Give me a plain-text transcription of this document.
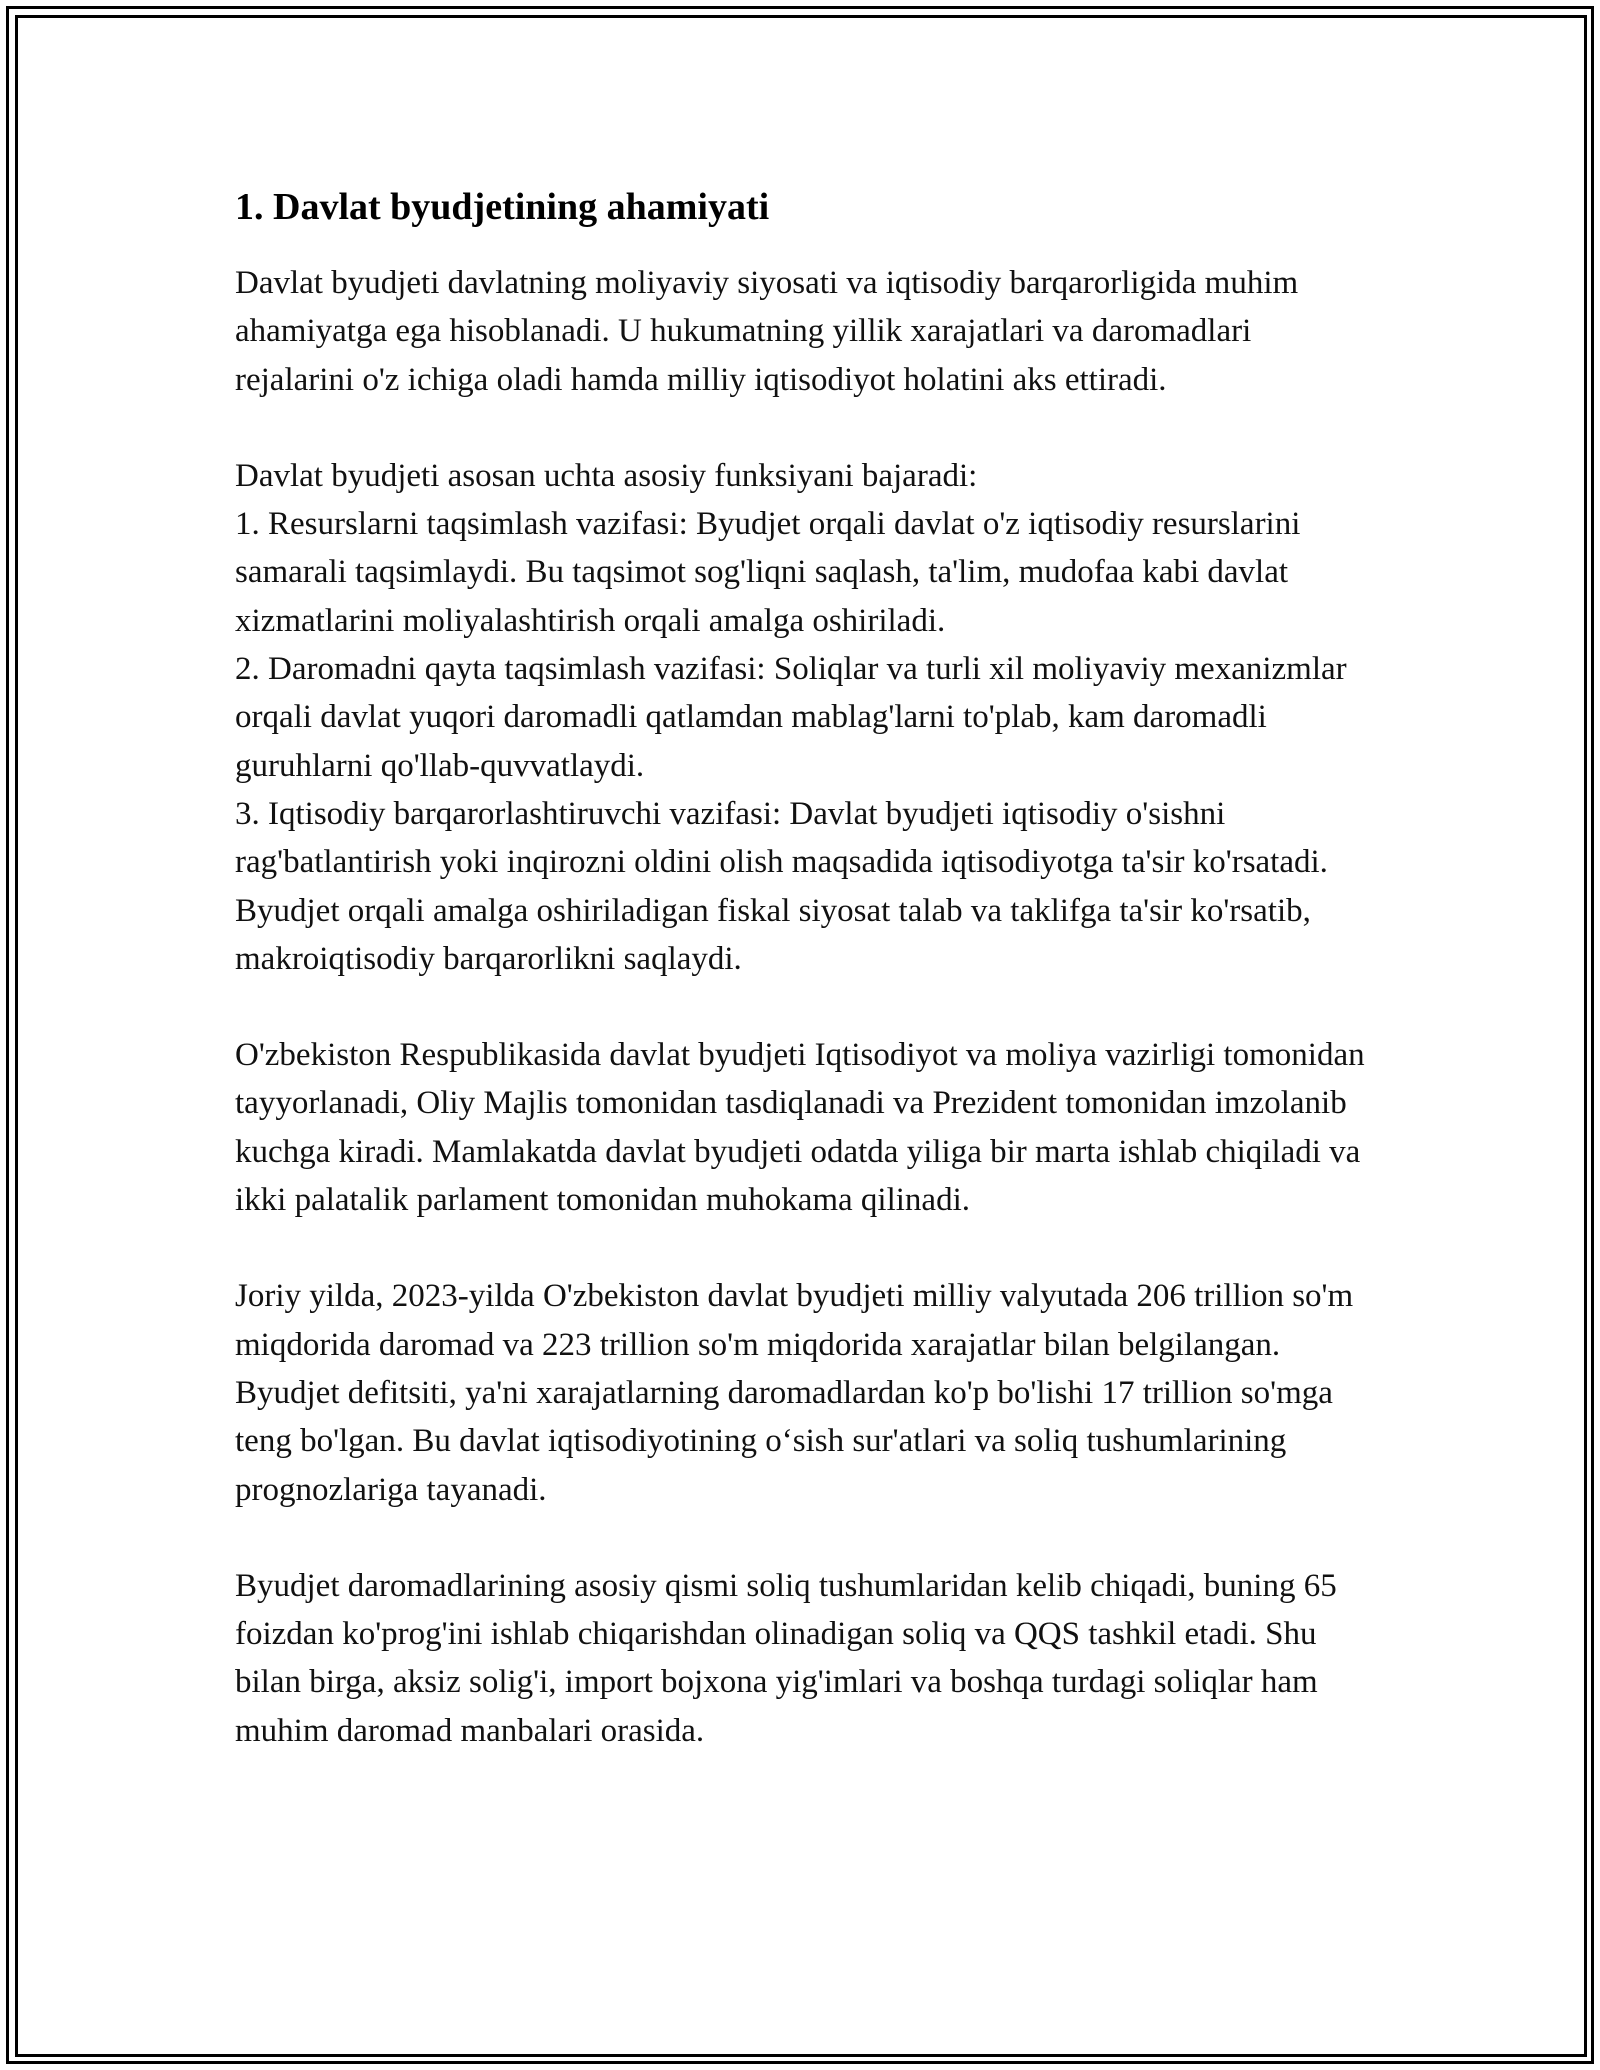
1. Davlat byudjetining ahamiyati

Davlat byudjeti davlatning moliyaviy siyosati va iqtisodiy barqarorligida muhim ahamiyatga ega hisoblanadi. U hukumatning yillik xarajatlari va daromadlari rejalarini o'z ichiga oladi hamda milliy iqtisodiyot holatini aks ettiradi.

Davlat byudjeti asosan uchta asosiy funksiyani bajaradi:
1. Resurslarni taqsimlash vazifasi: Byudjet orqali davlat o'z iqtisodiy resurslarini samarali taqsimlaydi. Bu taqsimot sog'liqni saqlash, ta'lim, mudofaa kabi davlat xizmatlarini moliyalashtirish orqali amalga oshiriladi.
2. Daromadni qayta taqsimlash vazifasi: Soliqlar va turli xil moliyaviy mexanizmlar orqali davlat yuqori daromadli qatlamdan mablag'larni to'plab, kam daromadli guruhlarni qo'llab-quvvatlaydi.
3. Iqtisodiy barqarorlashtiruvchi vazifasi: Davlat byudjeti iqtisodiy o'sishni rag'batlantirish yoki inqirozni oldini olish maqsadida iqtisodiyotga ta'sir ko'rsatadi. Byudjet orqali amalga oshiriladigan fiskal siyosat talab va taklifga ta'sir ko'rsatib, makroiqtisodiy barqarorlikni saqlaydi.

O'zbekiston Respublikasida davlat byudjeti Iqtisodiyot va moliya vazirligi tomonidan tayyorlanadi, Oliy Majlis tomonidan tasdiqlanadi va Prezident tomonidan imzolanib kuchga kiradi. Mamlakatda davlat byudjeti odatda yiliga bir marta ishlab chiqiladi va ikki palatalik parlament tomonidan muhokama qilinadi.

Joriy yilda, 2023-yilda O'zbekiston davlat byudjeti milliy valyutada 206 trillion so'm miqdorida daromad va 223 trillion so'm miqdorida xarajatlar bilan belgilangan. Byudjet defitsiti, ya'ni xarajatlarning daromadlardan ko'p bo'lishi 17 trillion so'mga teng bo'lgan. Bu davlat iqtisodiyotining o‘sish sur'atlari va soliq tushumlarining prognozlariga tayanadi.

Byudjet daromadlarining asosiy qismi soliq tushumlaridan kelib chiqadi, buning 65 foizdan ko'prog'ini ishlab chiqarishdan olinadigan soliq va QQS tashkil etadi. Shu bilan birga, aksiz solig'i, import bojxona yig'imlari va boshqa turdagi soliqlar ham muhim daromad manbalari orasida.
